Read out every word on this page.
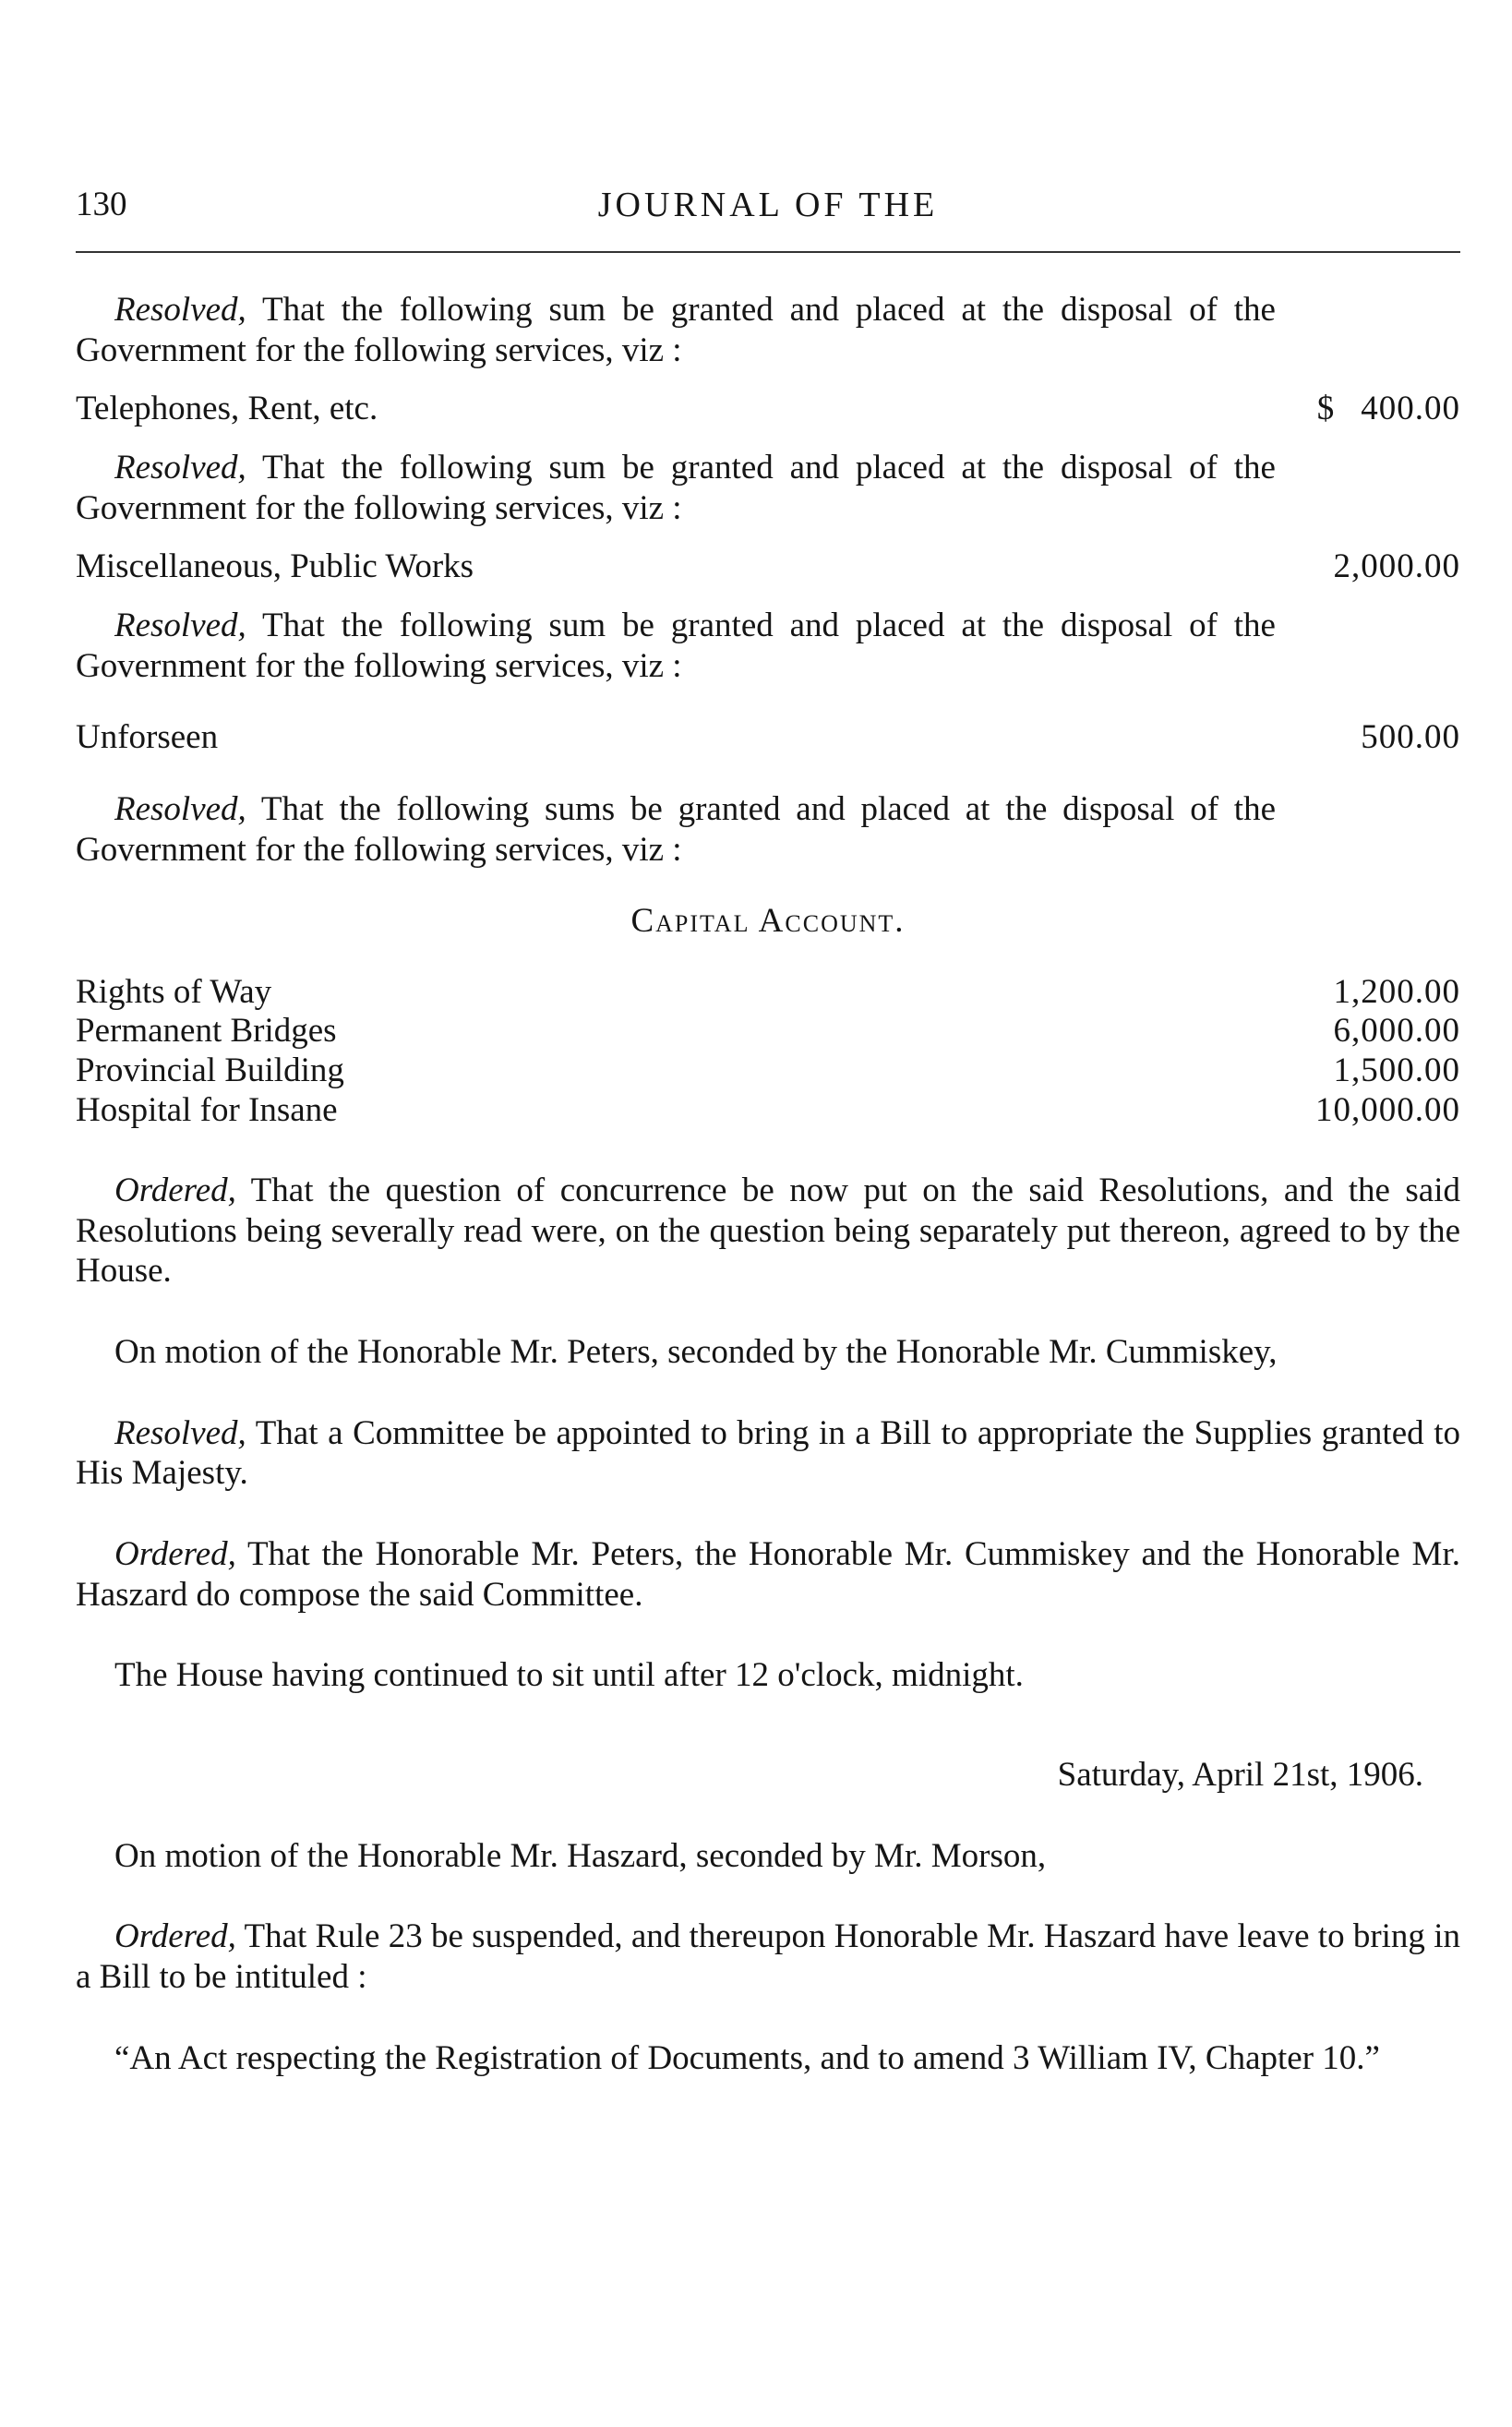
130	JOURNAL OF THE

Resolved, That the following sum be granted and placed at the disposal of the Government for the following services, viz :

Telephones, Rent, etc.	$ 400.00

Resolved, That the following sum be granted and placed at the disposal of the Government for the following services, viz :

Miscellaneous, Public Works	2,000.00

Resolved, That the following sum be granted and placed at the disposal of the Government for the following services, viz :

Unforseen	500.00

Resolved, That the following sums be granted and placed at the disposal of the Government for the following services, viz :

Capital Account.

Rights of Way	1,200.00
Permanent Bridges	6,000.00
Provincial Building	1,500.00
Hospital for Insane	10,000.00

Ordered, That the question of concurrence be now put on the said Resolutions, and the said Resolutions being severally read were, on the question being separately put thereon, agreed to by the House.

On motion of the Honorable Mr. Peters, seconded by the Honorable Mr. Cummiskey,

Resolved, That a Committee be appointed to bring in a Bill to appropriate the Supplies granted to His Majesty.

Ordered, That the Honorable Mr. Peters, the Honorable Mr. Cummiskey and the Honorable Mr. Haszard do compose the said Committee.

The House having continued to sit until after 12 o'clock, midnight.

Saturday, April 21st, 1906.

On motion of the Honorable Mr. Haszard, seconded by Mr. Morson,

Ordered, That Rule 23 be suspended, and thereupon Honorable Mr. Haszard have leave to bring in a Bill to be intituled :

“An Act respecting the Registration of Documents, and to amend 3 William IV, Chapter 10.”
